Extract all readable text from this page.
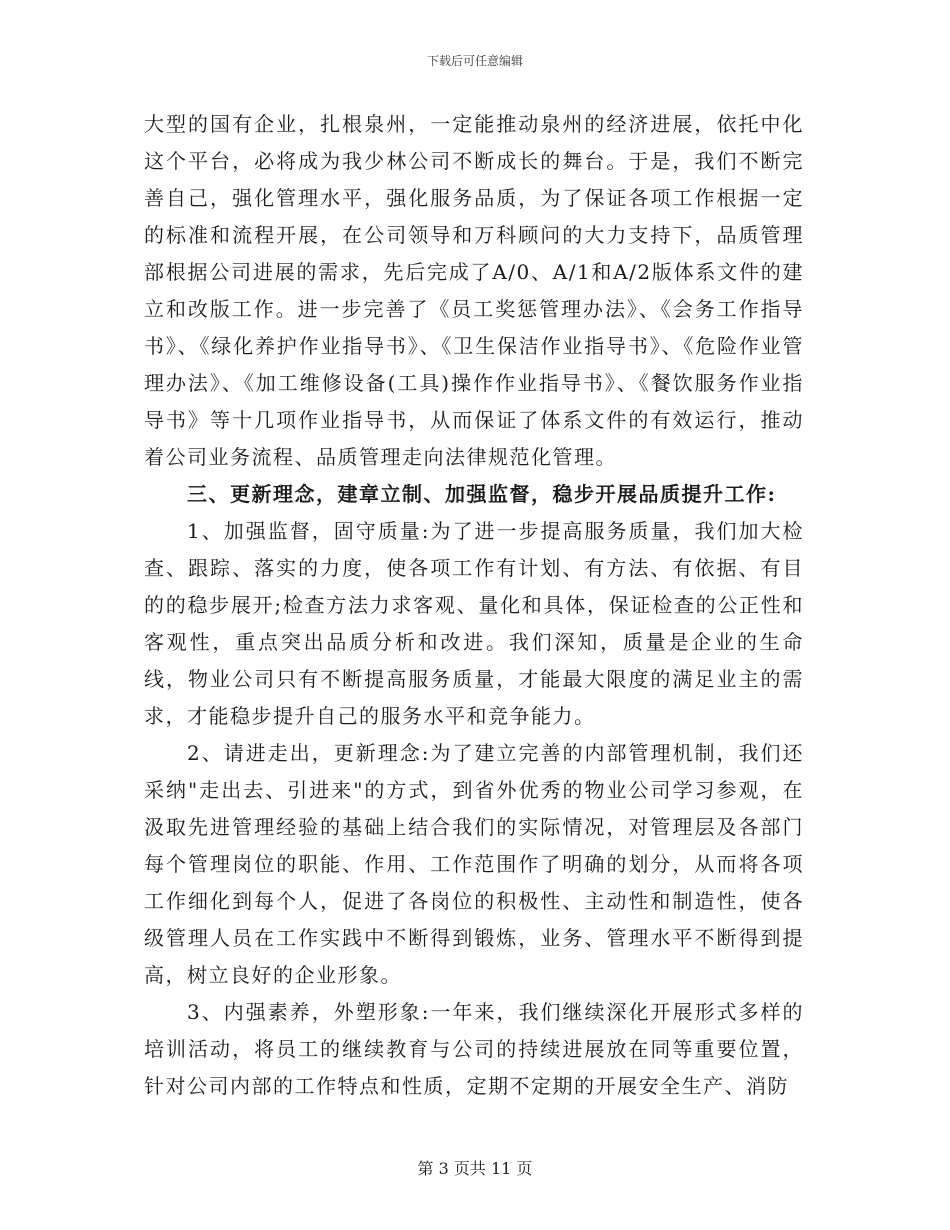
下载后可任意编辑

大型的国有企业，扎根泉州，一定能推动泉州的经济进展，依托中化这个平台，必将成为我少林公司不断成长的舞台。于是，我们不断完善自己，强化管理水平，强化服务品质，为了保证各项工作根据一定的标准和流程开展，在公司领导和万科顾问的大力支持下，品质管理部根据公司进展的需求，先后完成了A/0、A/1和A/2版体系文件的建立和改版工作。进一步完善了《员工奖惩管理办法》、《会务工作指导书》、《绿化养护作业指导书》、《卫生保洁作业指导书》、《危险作业管理办法》、《加工维修设备(工具)操作作业指导书》、《餐饮服务作业指导书》等十几项作业指导书，从而保证了体系文件的有效运行，推动着公司业务流程、品质管理走向法律规范化管理。

三、更新理念，建章立制、加强监督，稳步开展品质提升工作:

1、加强监督，固守质量:为了进一步提高服务质量，我们加大检查、跟踪、落实的力度，使各项工作有计划、有方法、有依据、有目的的稳步展开;检查方法力求客观、量化和具体，保证检查的公正性和客观性，重点突出品质分析和改进。我们深知，质量是企业的生命线，物业公司只有不断提高服务质量，才能最大限度的满足业主的需求，才能稳步提升自己的服务水平和竞争能力。

2、请进走出，更新理念:为了建立完善的内部管理机制，我们还采纳"走出去、引进来"的方式，到省外优秀的物业公司学习参观，在汲取先进管理经验的基础上结合我们的实际情况，对管理层及各部门每个管理岗位的职能、作用、工作范围作了明确的划分，从而将各项工作细化到每个人，促进了各岗位的积极性、主动性和制造性，使各级管理人员在工作实践中不断得到锻炼，业务、管理水平不断得到提高，树立良好的企业形象。

3、内强素养，外塑形象:一年来，我们继续深化开展形式多样的培训活动，将员工的继续教育与公司的持续进展放在同等重要位置，针对公司内部的工作特点和性质，定期不定期的开展安全生产、消防

第 3 页共 11 页
